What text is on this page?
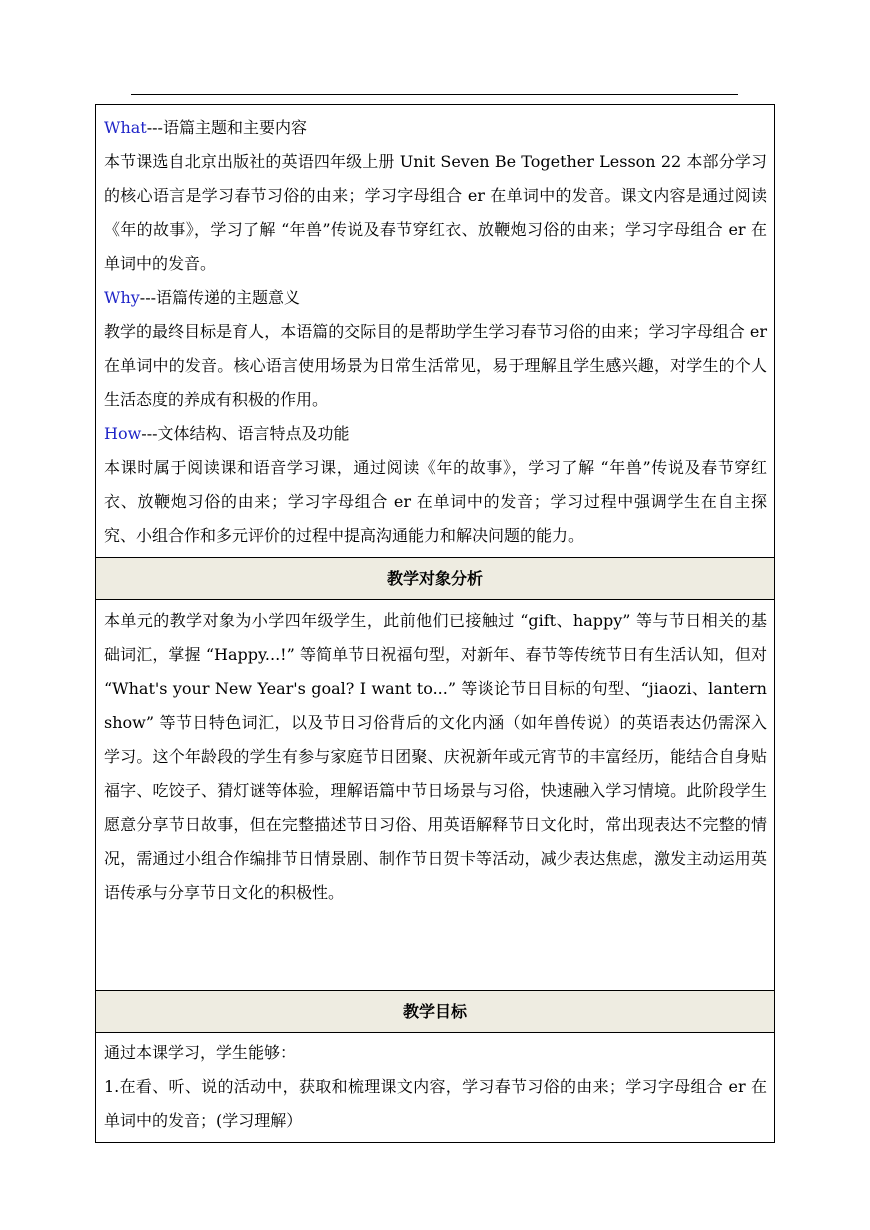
What---语篇主题和主要内容
本节课选自北京出版社的英语四年级上册 Unit Seven Be Together Lesson 22 本部分学习的核心语言是学习春节习俗的由来；学习字母组合 er 在单词中的发音。课文内容是通过阅读《年的故事》，学习了解 “年兽”传说及春节穿红衣、放鞭炮习俗的由来；学习字母组合 er 在单词中的发音。
Why---语篇传递的主题意义
教学的最终目标是育人，本语篇的交际目的是帮助学生学习春节习俗的由来；学习字母组合 er 在单词中的发音。核心语言使用场景为日常生活常见，易于理解且学生感兴趣，对学生的个人生活态度的养成有积极的作用。
How---文体结构、语言特点及功能
本课时属于阅读课和语音学习课，通过阅读《年的故事》，学习了解 “年兽”传说及春节穿红衣、放鞭炮习俗的由来；学习字母组合 er 在单词中的发音；学习过程中强调学生在自主探究、小组合作和多元评价的过程中提高沟通能力和解决问题的能力。
教学对象分析
本单元的教学对象为小学四年级学生，此前他们已接触过 “gift、happy” 等与节日相关的基础词汇，掌握 “Happy...!” 等简单节日祝福句型，对新年、春节等传统节日有生活认知，但对 “What's your New Year's goal? I want to...” 等谈论节日目标的句型、“jiaozi、lantern show” 等节日特色词汇，以及节日习俗背后的文化内涵（如年兽传说）的英语表达仍需深入学习。这个年龄段的学生有参与家庭节日团聚、庆祝新年或元宵节的丰富经历，能结合自身贴福字、吃饺子、猜灯谜等体验，理解语篇中节日场景与习俗，快速融入学习情境。此阶段学生愿意分享节日故事，但在完整描述节日习俗、用英语解释节日文化时，常出现表达不完整的情况，需通过小组合作编排节日情景剧、制作节日贺卡等活动，减少表达焦虑，激发主动运用英语传承与分享节日文化的积极性。
教学目标
通过本课学习，学生能够：
1.在看、听、说的活动中，获取和梳理课文内容，学习春节习俗的由来；学习字母组合 er 在单词中的发音；(学习理解）
